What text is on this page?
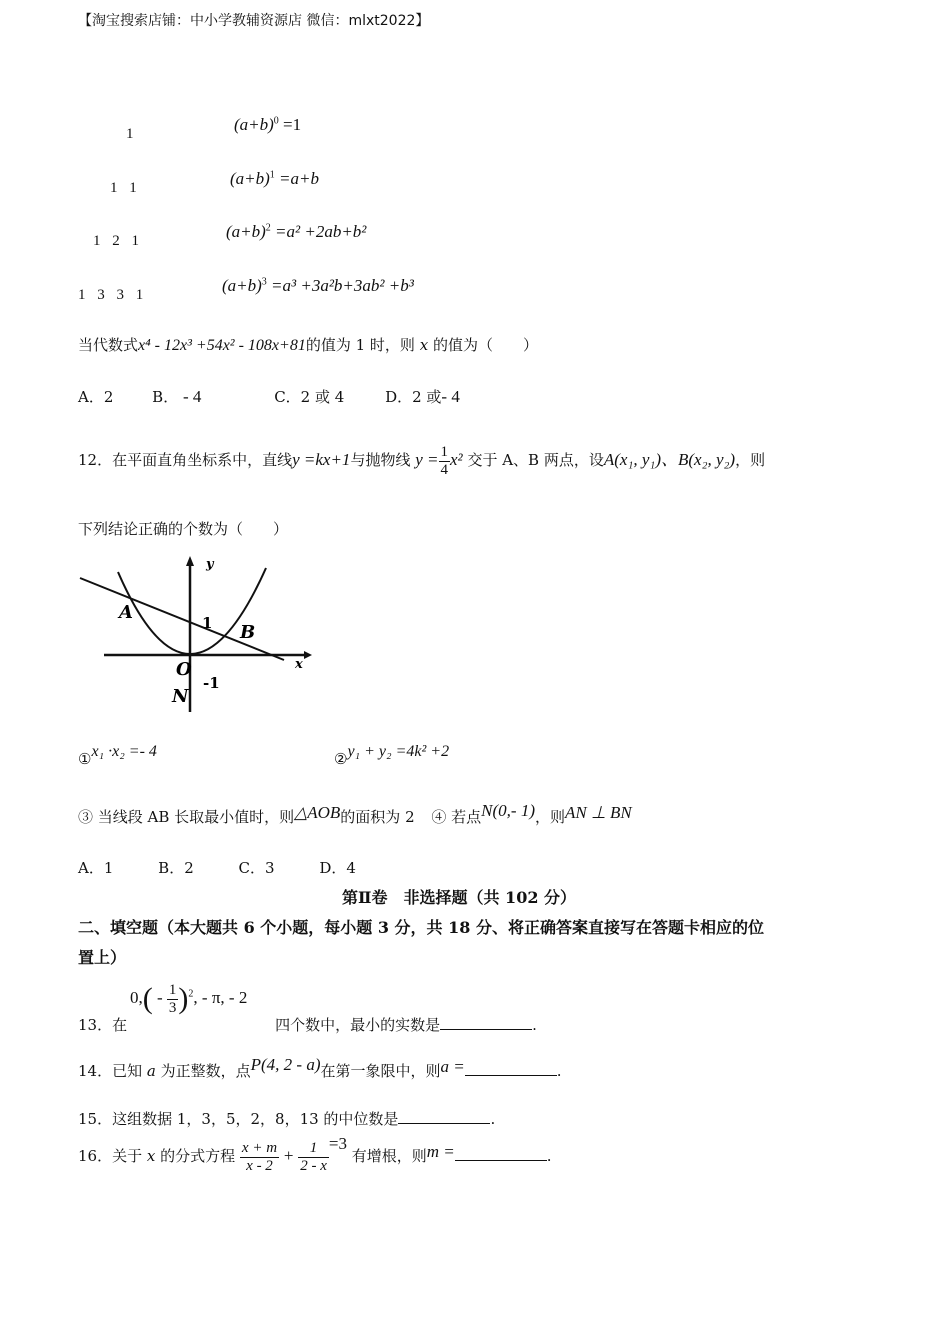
【淘宝搜索店铺：中小学教辅资源店 微信：mlxt2022】
1
1 1
1 2 1
1 3 3 1
$(a+b)^0 =1$
$(a+b)^1 =a+b$
$(a+b)^2 =a^2 +2ab+b^2$
$(a+b)^3 =a^3 +3a^2b+3ab^2 +b^3$
当代数式x⁴ - 12x³ +54x² - 108x+81的值为 1 时，则 x 的值为（　　）
A．2	B． - 4	C．2 或 4	D．2 或- 4
12．在平面直角坐标系中，直线y =kx+1与抛物线 $y = \frac{1}{4} x^2$ 交于 A、B 两点，设A(x₁, y₁)、B(x₂, y₂)，则
下列结论正确的个数为（　　）
y
x
A
B
O
N
1
-1
①x₁ ·x₂ =- 4	②y₁ + y₂ =4k² +2
③ 当线段 AB 长取最小值时，则△AOB的面积为 2 ④ 若点N(0,- 1)，则AN ⊥ BN
A．1	B．2	C．3	D．4
第Ⅱ卷　非选择题（共 102 分）
二、填空题（本大题共 6 个小题，每小题 3 分，共 18 分、将正确答案直接写在答题卡相应的位
置上）
$0,( - \frac{1}{3} )^2$, - π, - 2
13．在	四个数中，最小的实数是	.
14．已知 a 为正整数，点P(4, 2 - a)在第一象限中，则a =	.
15．这组数据 1，3，5，2，8，13 的中位数是	.
16．关于 x 的分式方程 $\frac{x + m}{x - 2} + \frac{1}{2 - x} =3$ 有增根，则m =	.
